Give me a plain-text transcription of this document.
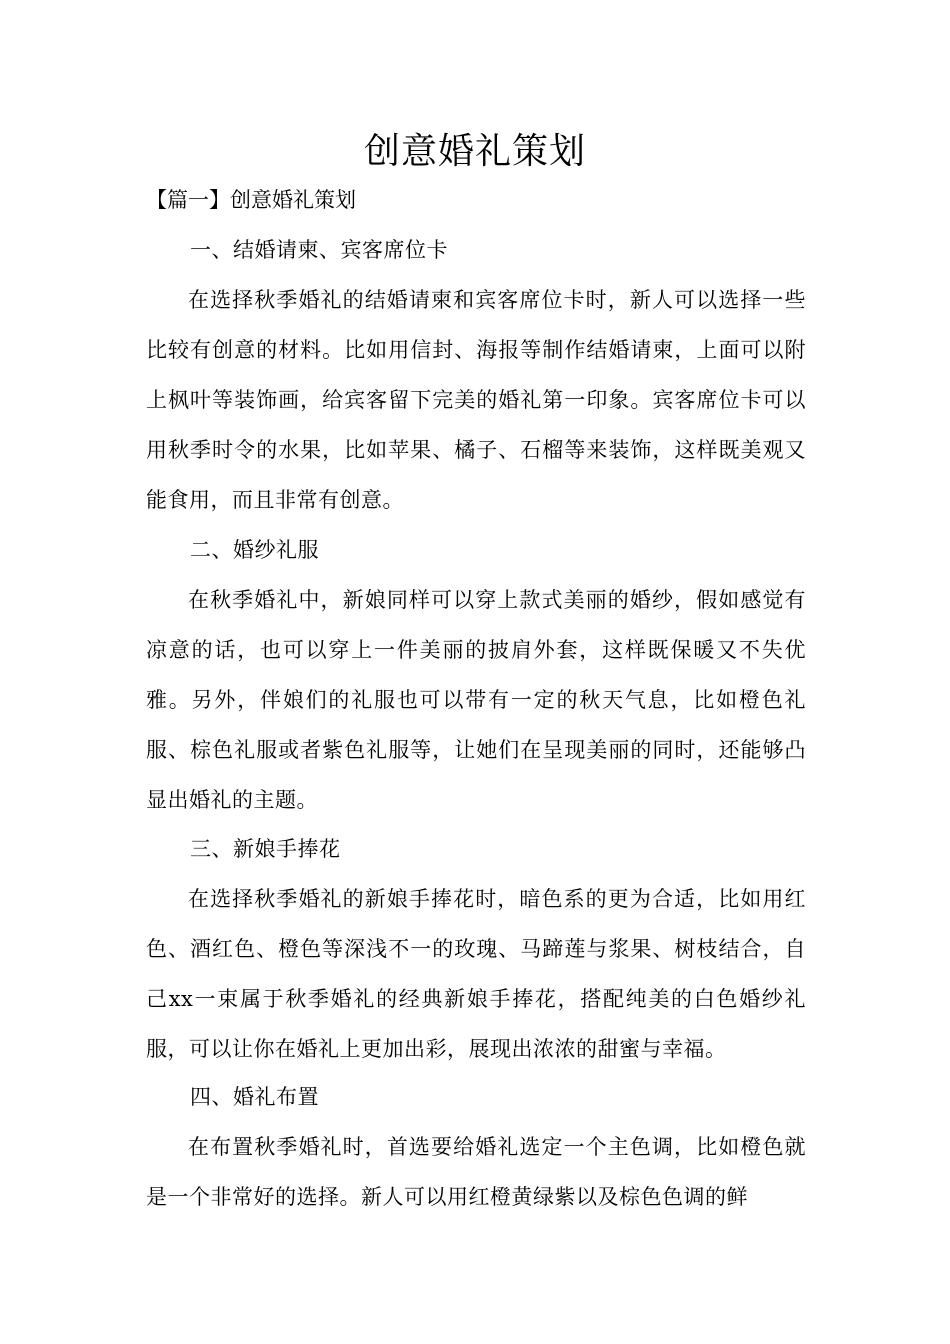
创意婚礼策划
【篇一】创意婚礼策划
一、结婚请柬、宾客席位卡

在选择秋季婚礼的结婚请柬和宾客席位卡时，新人可以选择一些比较有创意的材料。比如用信封、海报等制作结婚请柬，上面可以附上枫叶等装饰画，给宾客留下完美的婚礼第一印象。宾客席位卡可以用秋季时令的水果，比如苹果、橘子、石榴等来装饰，这样既美观又能食用，而且非常有创意。

二、婚纱礼服

在秋季婚礼中，新娘同样可以穿上款式美丽的婚纱，假如感觉有凉意的话，也可以穿上一件美丽的披肩外套，这样既保暖又不失优雅。另外，伴娘们的礼服也可以带有一定的秋天气息，比如橙色礼服、棕色礼服或者紫色礼服等，让她们在呈现美丽的同时，还能够凸显出婚礼的主题。

三、新娘手捧花

在选择秋季婚礼的新娘手捧花时，暗色系的更为合适，比如用红色、酒红色、橙色等深浅不一的玫瑰、马蹄莲与浆果、树枝结合，自己xx一束属于秋季婚礼的经典新娘手捧花，搭配纯美的白色婚纱礼服，可以让你在婚礼上更加出彩，展现出浓浓的甜蜜与幸福。

四、婚礼布置

在布置秋季婚礼时，首选要给婚礼选定一个主色调，比如橙色就是一个非常好的选择。新人可以用红橙黄绿紫以及棕色色调的鲜
